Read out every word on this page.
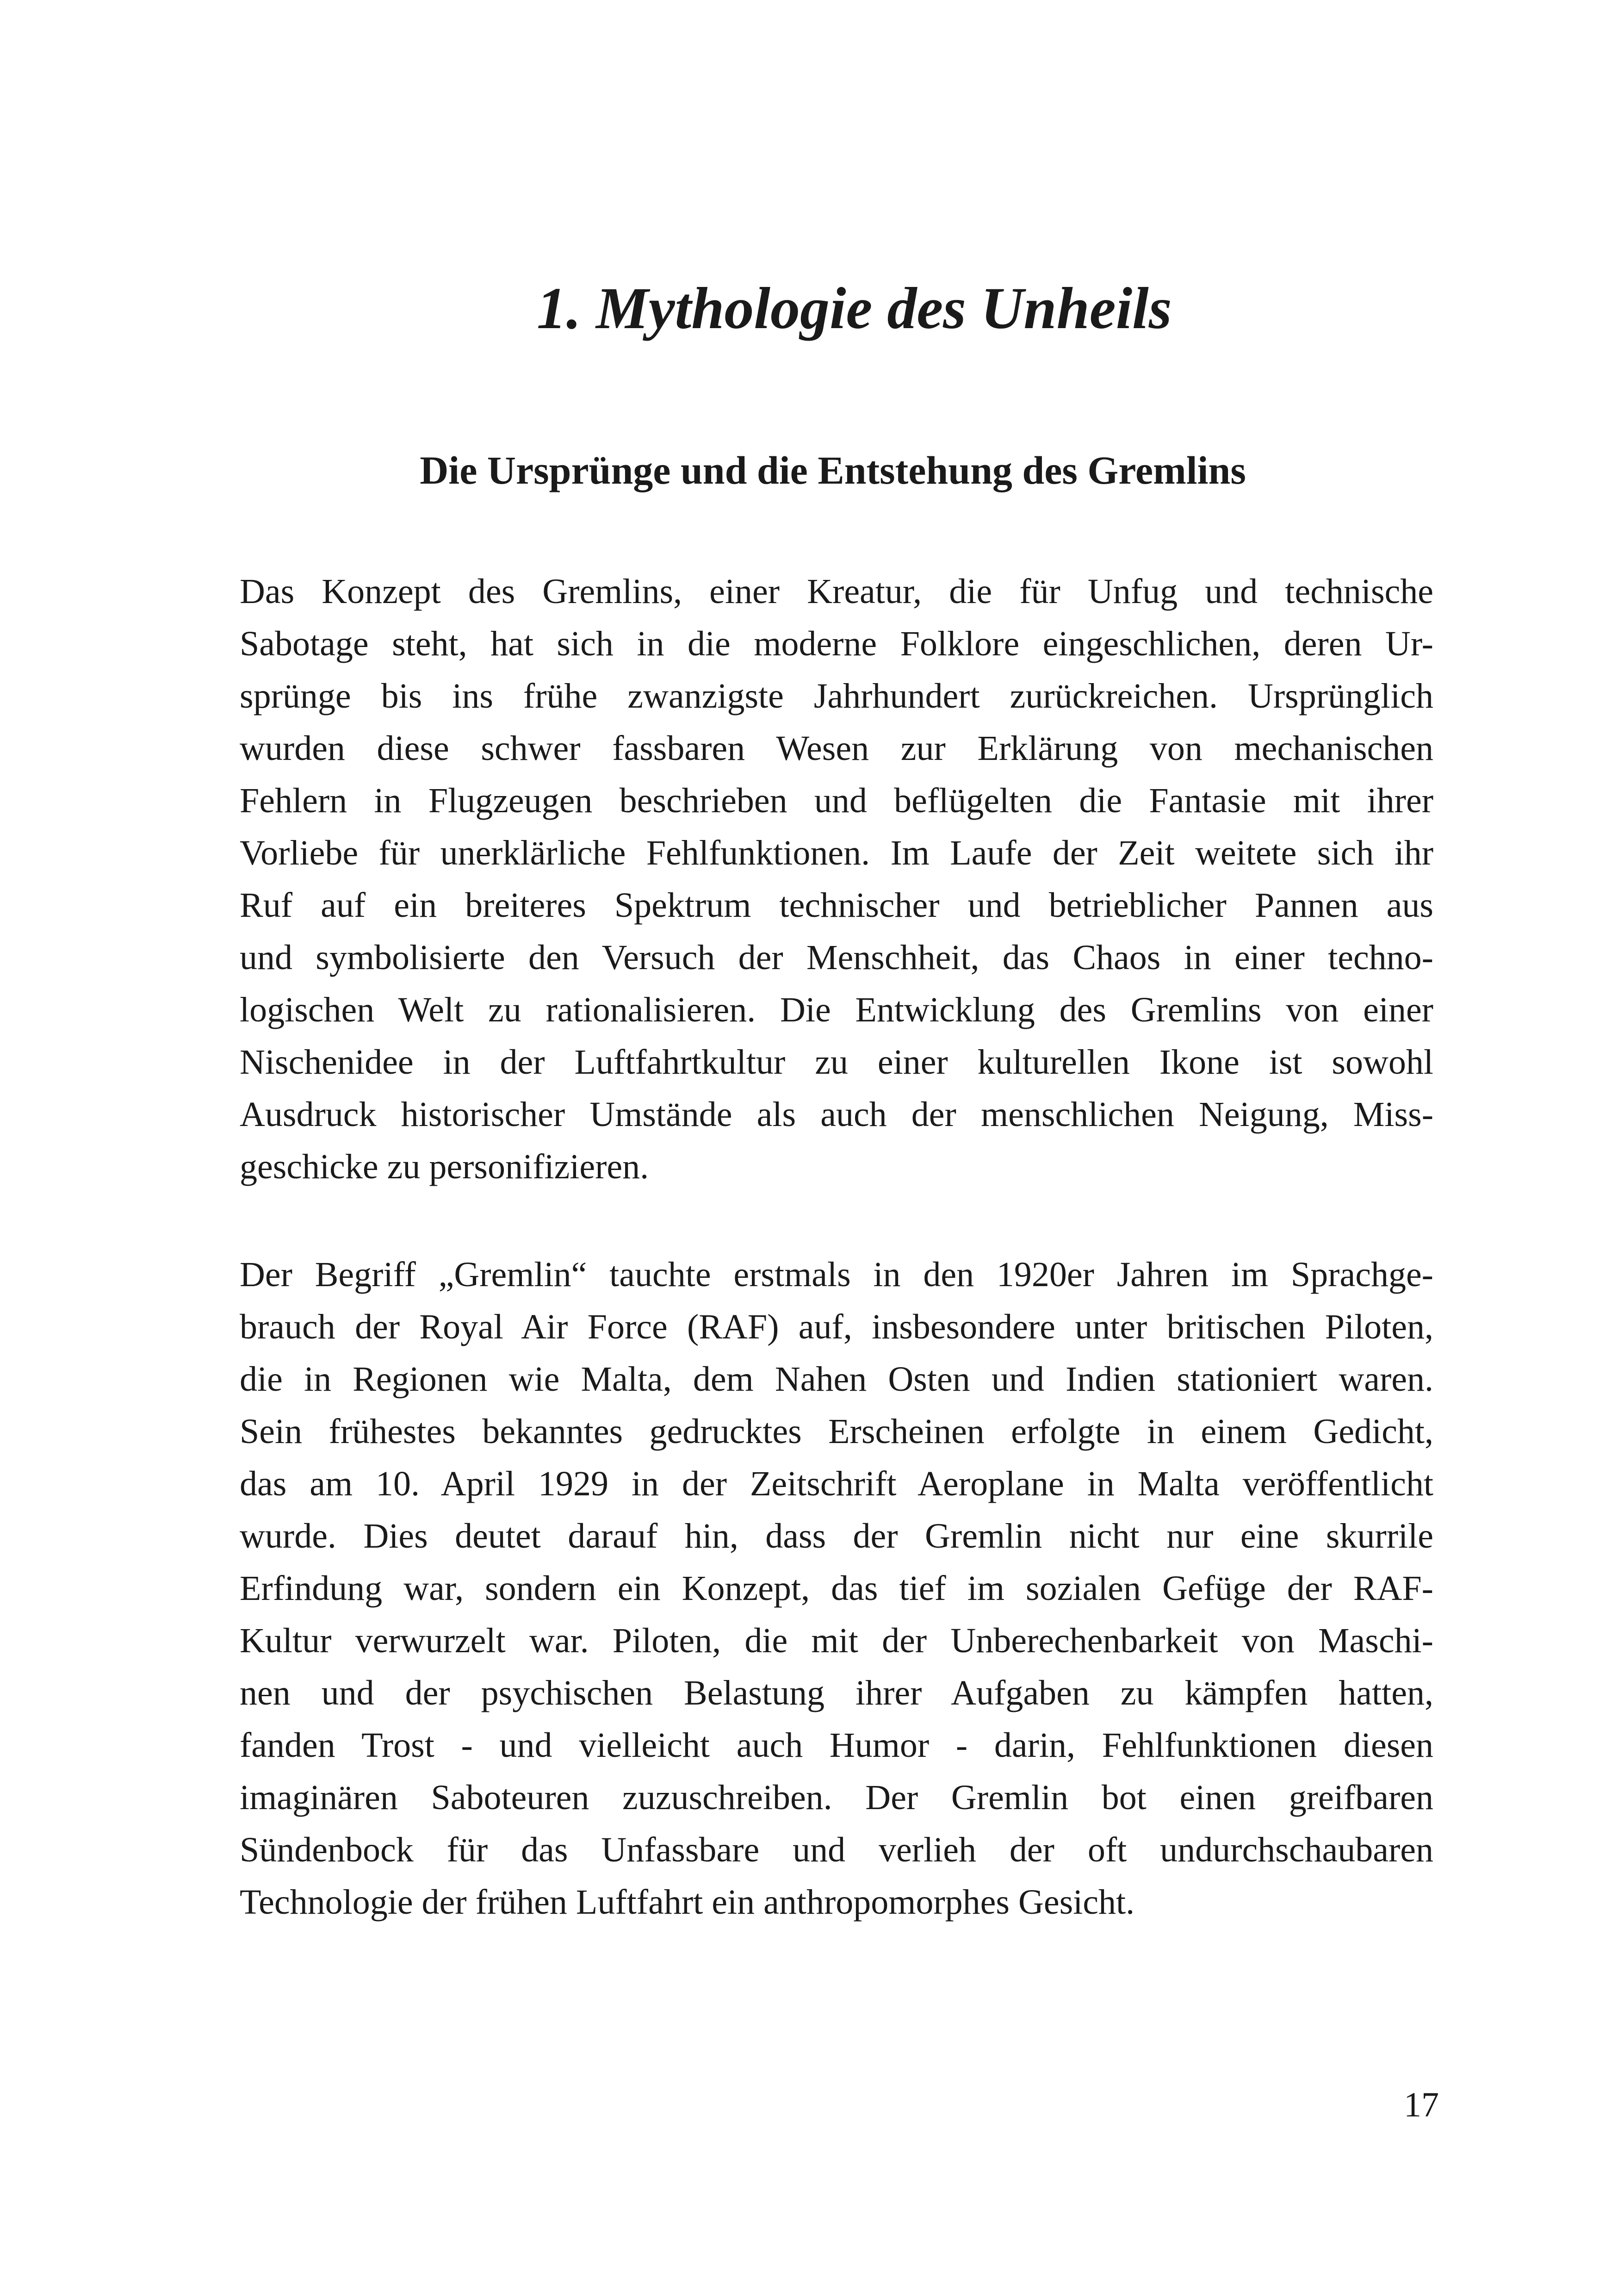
1. Mythologie des Unheils
Die Ursprünge und die Entstehung des Gremlins
Das Konzept des Gremlins, einer Kreatur, die für Unfug und technische
Sabotage steht, hat sich in die moderne Folklore eingeschlichen, deren Ur-
sprünge bis ins frühe zwanzigste Jahrhundert zurückreichen. Ursprünglich
wurden diese schwer fassbaren Wesen zur Erklärung von mechanischen
Fehlern in Flugzeugen beschrieben und beflügelten die Fantasie mit ihrer
Vorliebe für unerklärliche Fehlfunktionen. Im Laufe der Zeit weitete sich ihr
Ruf auf ein breiteres Spektrum technischer und betrieblicher Pannen aus
und symbolisierte den Versuch der Menschheit, das Chaos in einer techno-
logischen Welt zu rationalisieren. Die Entwicklung des Gremlins von einer
Nischenidee in der Luftfahrtkultur zu einer kulturellen Ikone ist sowohl
Ausdruck historischer Umstände als auch der menschlichen Neigung, Miss-
geschicke zu personifizieren.
Der Begriff „Gremlin“ tauchte erstmals in den 1920er Jahren im Sprachge-
brauch der Royal Air Force (RAF) auf, insbesondere unter britischen Piloten,
die in Regionen wie Malta, dem Nahen Osten und Indien stationiert waren.
Sein frühestes bekanntes gedrucktes Erscheinen erfolgte in einem Gedicht,
das am 10. April 1929 in der Zeitschrift Aeroplane in Malta veröffentlicht
wurde. Dies deutet darauf hin, dass der Gremlin nicht nur eine skurrile
Erfindung war, sondern ein Konzept, das tief im sozialen Gefüge der RAF-
Kultur verwurzelt war. Piloten, die mit der Unberechenbarkeit von Maschi-
nen und der psychischen Belastung ihrer Aufgaben zu kämpfen hatten,
fanden Trost - und vielleicht auch Humor - darin, Fehlfunktionen diesen
imaginären Saboteuren zuzuschreiben. Der Gremlin bot einen greifbaren
Sündenbock für das Unfassbare und verlieh der oft undurchschaubaren
Technologie der frühen Luftfahrt ein anthropomorphes Gesicht.
17
